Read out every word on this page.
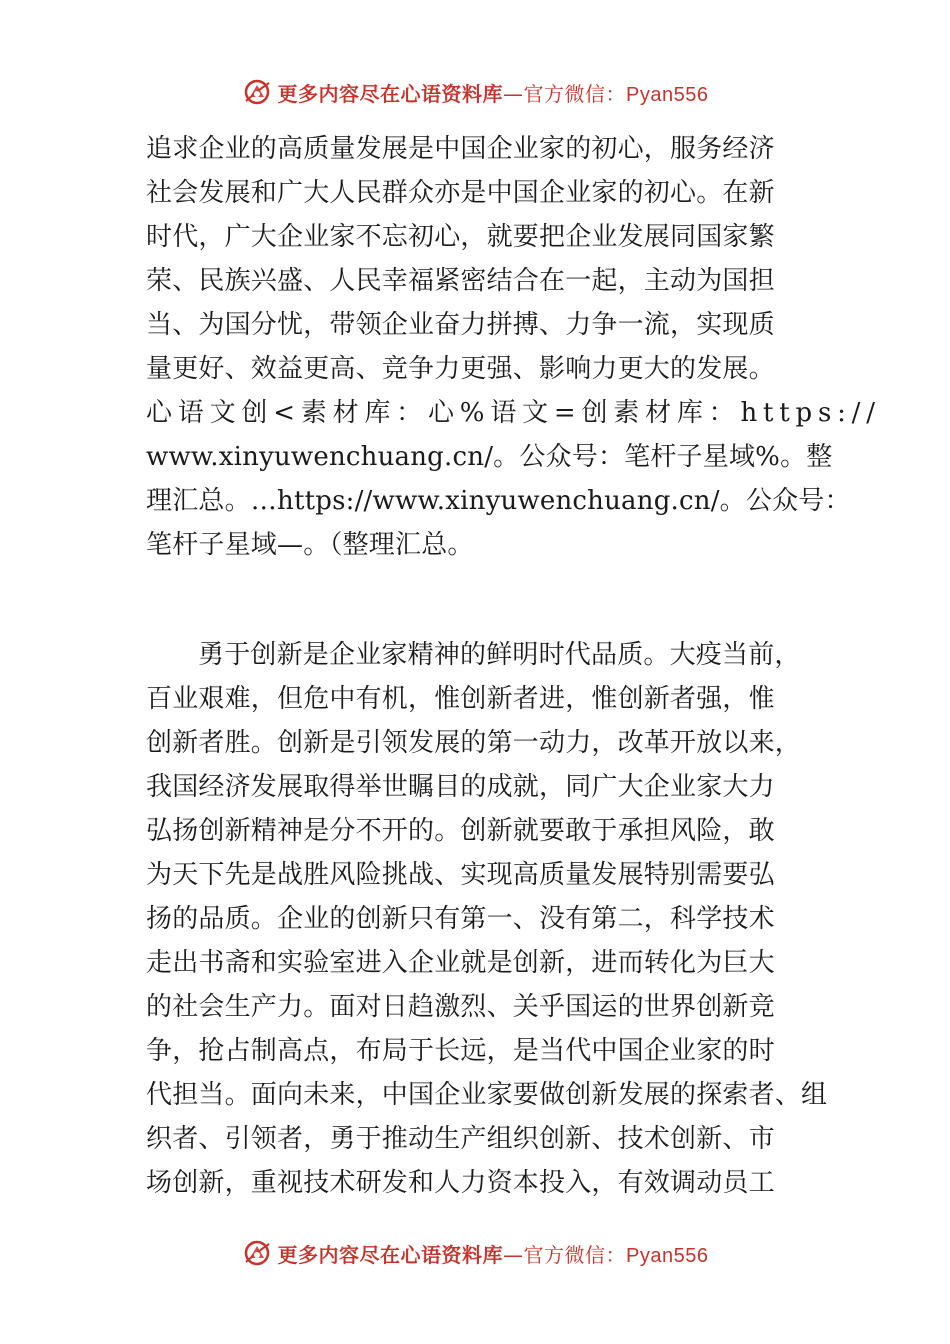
更多内容尽在心语资料库—官方微信：Pyan556
追求企业的高质量发展是中国企业家的初心，服务经济
社会发展和广大人民群众亦是中国企业家的初心。在新
时代，广大企业家不忘初心，就要把企业发展同国家繁
荣、民族兴盛、人民幸福紧密结合在一起，主动为国担
当、为国分忧，带领企业奋力拼搏、力争一流，实现质
量更好、效益更高、竞争力更强、影响力更大的发展。
心语文创<素材库：心%语文=创素材库：https://
www.xinyuwenchuang.cn/。公众号：笔杆子星域%。整
理汇总。…https://www.xinyuwenchuang.cn/。公众号：
笔杆子星域—。（整理汇总。
勇于创新是企业家精神的鲜明时代品质。大疫当前，
百业艰难，但危中有机，惟创新者进，惟创新者强，惟
创新者胜。创新是引领发展的第一动力，改革开放以来，
我国经济发展取得举世瞩目的成就，同广大企业家大力
弘扬创新精神是分不开的。创新就要敢于承担风险，敢
为天下先是战胜风险挑战、实现高质量发展特别需要弘
扬的品质。企业的创新只有第一、没有第二，科学技术
走出书斋和实验室进入企业就是创新，进而转化为巨大
的社会生产力。面对日趋激烈、关乎国运的世界创新竞
争，抢占制高点，布局于长远，是当代中国企业家的时
代担当。面向未来，中国企业家要做创新发展的探索者、组
织者、引领者，勇于推动生产组织创新、技术创新、市
场创新，重视技术研发和人力资本投入，有效调动员工
更多内容尽在心语资料库—官方微信：Pyan556
